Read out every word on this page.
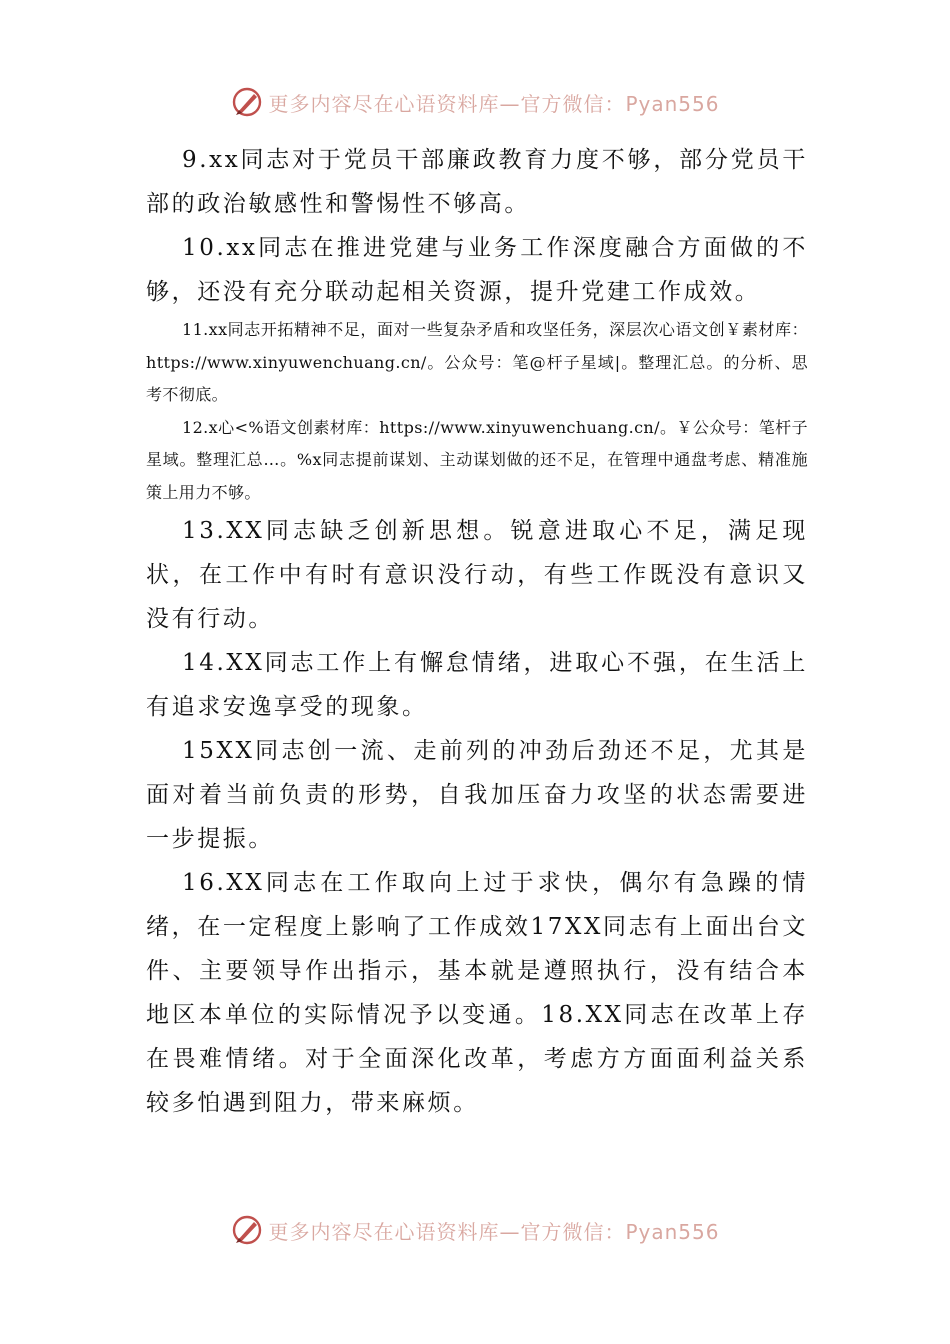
更多内容尽在心语资料库—官方微信：Pyan556

9.xx同志对于党员干部廉政教育力度不够，部分党员干部的政治敏感性和警惕性不够高。

10.xx同志在推进党建与业务工作深度融合方面做的不够，还没有充分联动起相关资源，提升党建工作成效。

11.xx同志开拓精神不足，面对一些复杂矛盾和攻坚任务，深层次心语文创￥素材库：https://www.xinyuwenchuang.cn/。公众号：笔@杆子星域|。整理汇总。的分析、思考不彻底。

12.x心<%语文创素材库：https://www.xinyuwenchuang.cn/。￥公众号：笔杆子星域。整理汇总…。%x同志提前谋划、主动谋划做的还不足，在管理中通盘考虑、精准施策上用力不够。

13.XX同志缺乏创新思想。锐意进取心不足，满足现状，在工作中有时有意识没行动，有些工作既没有意识又没有行动。

14.XX同志工作上有懈怠情绪，进取心不强，在生活上有追求安逸享受的现象。

15XX同志创一流、走前列的冲劲后劲还不足，尤其是面对着当前负责的形势，自我加压奋力攻坚的状态需要进一步提振。

16.XX同志在工作取向上过于求快，偶尔有急躁的情绪，在一定程度上影响了工作成效17XX同志有上面出台文件、主要领导作出指示，基本就是遵照执行，没有结合本地区本单位的实际情况予以变通。18.XX同志在改革上存在畏难情绪。对于全面深化改革，考虑方方面面利益关系较多怕遇到阻力，带来麻烦。

更多内容尽在心语资料库—官方微信：Pyan556
